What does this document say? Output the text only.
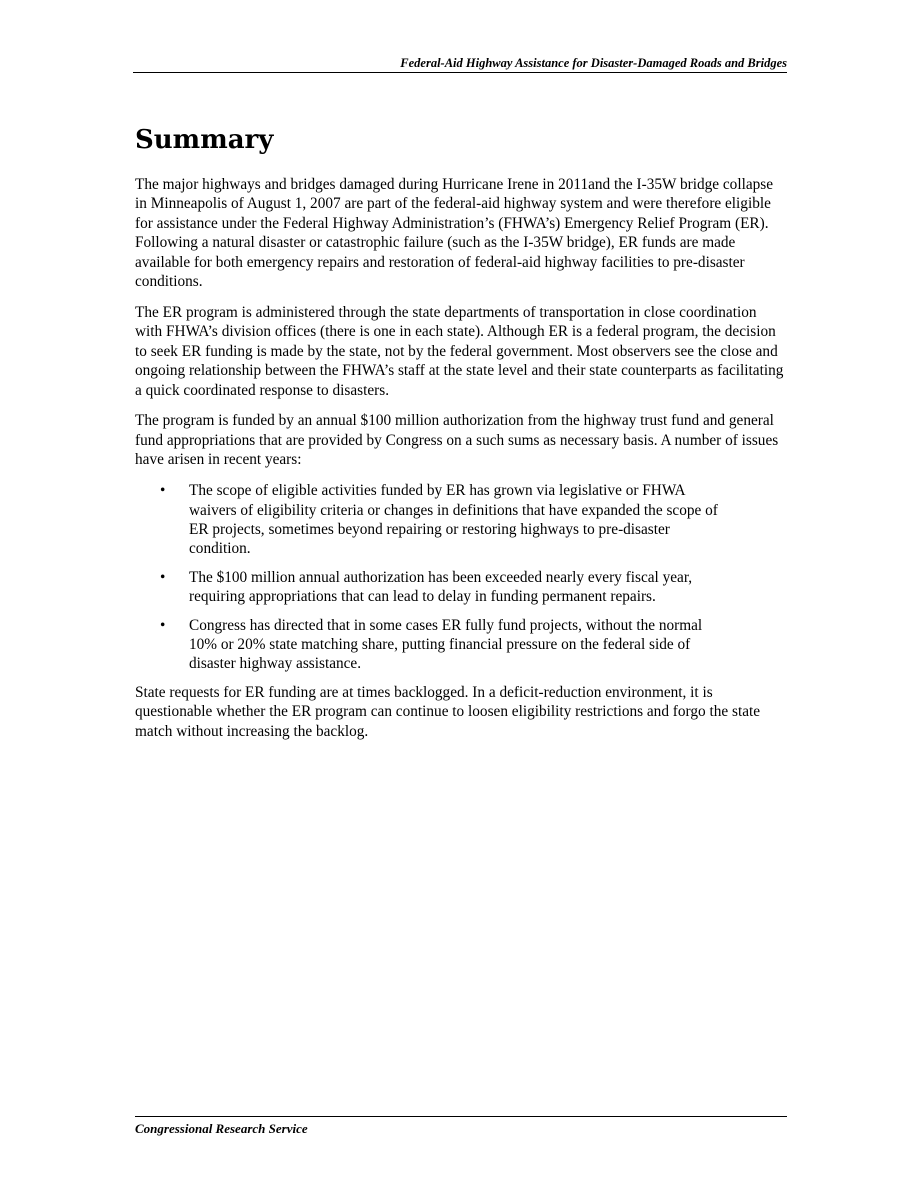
Federal-Aid Highway Assistance for Disaster-Damaged Roads and Bridges
Summary

The major highways and bridges damaged during Hurricane Irene in 2011and the I-35W bridge collapse in Minneapolis of August 1, 2007 are part of the federal-aid highway system and were therefore eligible for assistance under the Federal Highway Administration’s (FHWA’s) Emergency Relief Program (ER). Following a natural disaster or catastrophic failure (such as the I-35W bridge), ER funds are made available for both emergency repairs and restoration of federal-aid highway facilities to pre-disaster conditions.

The ER program is administered through the state departments of transportation in close coordination with FHWA’s division offices (there is one in each state). Although ER is a federal program, the decision to seek ER funding is made by the state, not by the federal government. Most observers see the close and ongoing relationship between the FHWA’s staff at the state level and their state counterparts as facilitating a quick coordinated response to disasters.

The program is funded by an annual $100 million authorization from the highway trust fund and general fund appropriations that are provided by Congress on a such sums as necessary basis. A number of issues have arisen in recent years:

• The scope of eligible activities funded by ER has grown via legislative or FHWA waivers of eligibility criteria or changes in definitions that have expanded the scope of ER projects, sometimes beyond repairing or restoring highways to pre-disaster condition.
• The $100 million annual authorization has been exceeded nearly every fiscal year, requiring appropriations that can lead to delay in funding permanent repairs.
• Congress has directed that in some cases ER fully fund projects, without the normal 10% or 20% state matching share, putting financial pressure on the federal side of disaster highway assistance.

State requests for ER funding are at times backlogged. In a deficit-reduction environment, it is questionable whether the ER program can continue to loosen eligibility restrictions and forgo the state match without increasing the backlog.

Congressional Research Service
